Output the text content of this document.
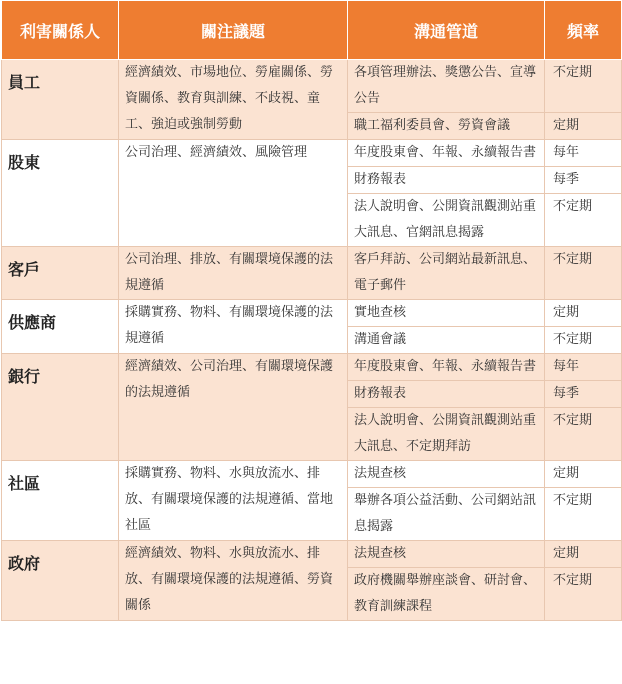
利害關係人	關注議題	溝通管道	頻率
員工	經濟績效、市場地位、勞雇關係、勞資關係、教育與訓練、不歧視、童工、強迫或強制勞動	各項管理辦法、獎懲公告、宣導公告	不定期
		職工福利委員會、勞資會議	定期
股東	公司治理、經濟績效、風險管理	年度股東會、年報、永續報告書	每年
		財務報表	每季
		法人說明會、公開資訊觀測站重大訊息、官網訊息揭露	不定期
客戶	公司治理、排放、有關環境保護的法規遵循	客戶拜訪、公司網站最新訊息、電子郵件	不定期
供應商	採購實務、物料、有關環境保護的法規遵循	實地查核	定期
		溝通會議	不定期
銀行	經濟績效、公司治理、有關環境保護的法規遵循	年度股東會、年報、永續報告書	每年
		財務報表	每季
		法人說明會、公開資訊觀測站重大訊息、不定期拜訪	不定期
社區	採購實務、物料、水與放流水、排放、有關環境保護的法規遵循、當地社區	法規查核	定期
		舉辦各項公益活動、公司網站訊息揭露	不定期
政府	經濟績效、物料、水與放流水、排放、有關環境保護的法規遵循、勞資關係	法規查核	定期
		政府機關舉辦座談會、研討會、教育訓練課程	不定期
